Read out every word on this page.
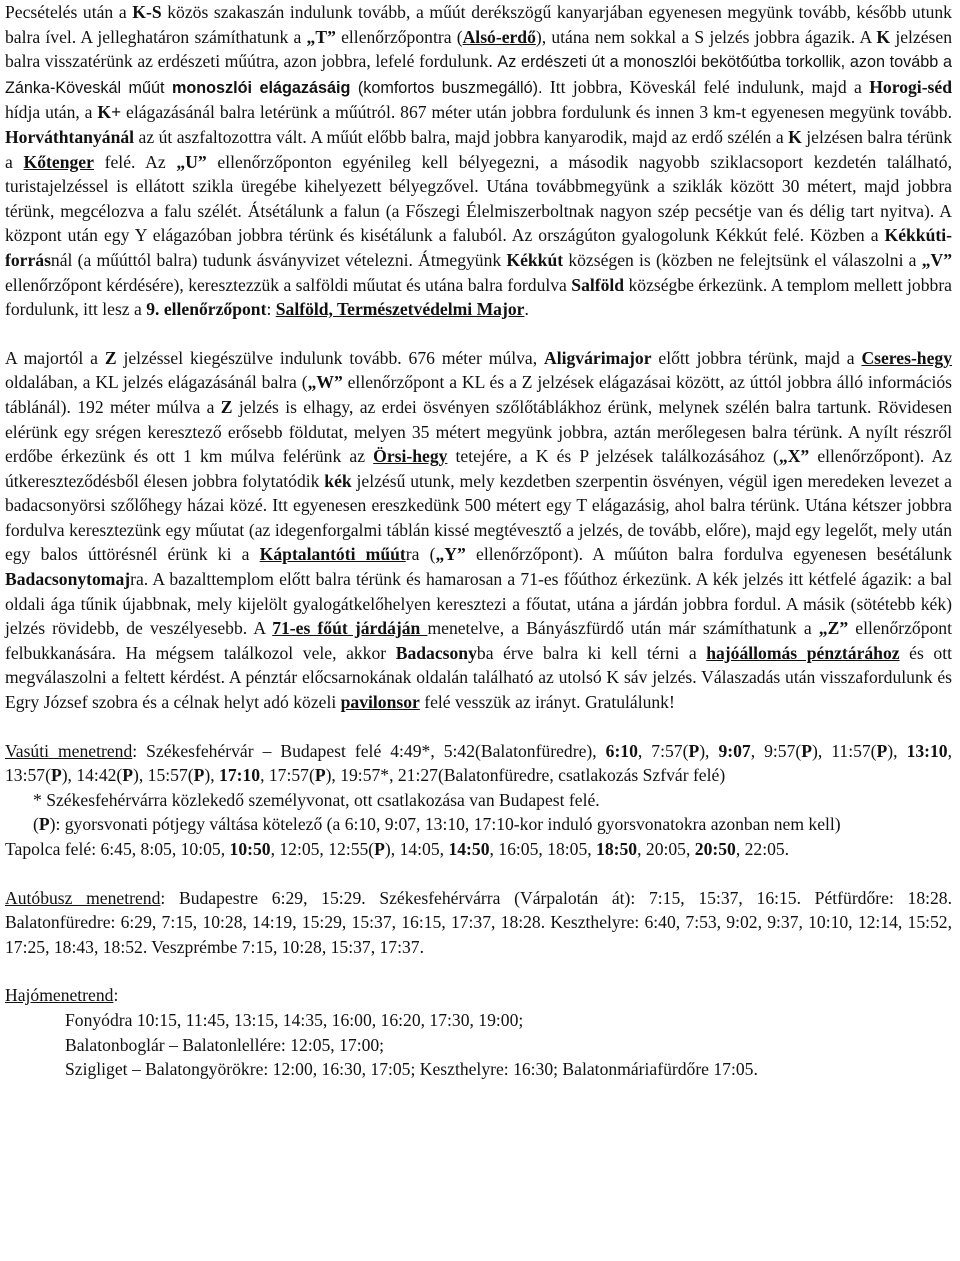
Pecsételés után a K-S közös szakaszán indulunk tovább, a műút derékszögű kanyarjában egyenesen megyünk tovább, később utunk balra ível. A jelleghatáron számíthatunk a „T” ellenőrzőpontra (Alsó-erdő), utána nem sokkal a S jelzés jobbra ágazik. A K jelzésen balra visszatérünk az erdészeti műútra, azon jobbra, lefelé fordulunk. Az erdészeti út a monoszlói bekötőútba torkollik, azon tovább a Zánka-Köveskál műút monoszlói elágazásáig (komfortos buszmegálló). Itt jobbra, Köveskál felé indulunk, majd a Horogi-séd hídja után, a K+ elágazásánál balra letérünk a műútról. 867 méter után jobbra fordulunk és innen 3 km-t egyenesen megyünk tovább. Horváthtanyánál az út aszfaltozottra vált. A műút előbb balra, majd jobbra kanyarodik, majd az erdő szélén a K jelzésen balra térünk a Kőtenger felé. Az „U” ellenőrzőponton egyénileg kell bélyegezni, a második nagyobb sziklacsoport kezdetén található, turistajelzéssel is ellátott szikla üregébe kihelyezett bélyegzővel. Utána továbbmegyünk a sziklák között 30 métert, majd jobbra térünk, megcélozva a falu szélét. Átsétálunk a falun (a Főszegi Élelmiszerboltnak nagyon szép pecsétje van és délig tart nyitva). A központ után egy Y elágazóban jobbra térünk és kisétálunk a faluból. Az országúton gyalogolunk Kékkút felé. Közben a Kékkúti-forrásnál (a műúttól balra) tudunk ásványvizet vételezni. Átmegyünk Kékkút községen is (közben ne felejtsünk el válaszolni a „V” ellenőrzőpont kérdésére), keresztezzük a salföldi műutat és utána balra fordulva Salföld községbe érkezünk. A templom mellett jobbra fordulunk, itt lesz a 9. ellenőrzőpont: Salföld, Természetvédelmi Major.

A majortól a Z jelzéssel kiegészülve indulunk tovább. 676 méter múlva, Aligvárimajor előtt jobbra térünk, majd a Cseres-hegy oldalában, a KL jelzés elágazásánál balra („W” ellenőrzőpont a KL és a Z jelzések elágazásai között, az úttól jobbra álló információs táblánál). 192 méter múlva a Z jelzés is elhagy, az erdei ösvényen szőlőtáblákhoz érünk, melynek szélén balra tartunk. Rövidesen elérünk egy srégen keresztező erősebb földutat, melyen 35 métert megyünk jobbra, aztán merőlegesen balra térünk. A nyílt részről erdőbe érkezünk és ott 1 km múlva felérünk az Örsi-hegy tetejére, a K és P jelzések találkozásához („X” ellenőrzőpont). Az útkereszteződésből élesen jobbra folytatódik kék jelzésű utunk, mely kezdetben szerpentin ösvényen, végül igen meredeken levezet a badacsonyörsi szőlőhegy házai közé. Itt egyenesen ereszkedünk 500 métert egy T elágazásig, ahol balra térünk. Utána kétszer jobbra fordulva keresztezünk egy műutat (az idegenforgalmi táblán kissé megtévesztő a jelzés, de tovább, előre), majd egy legelőt, mely után egy balos úttörésnél érünk ki a Káptalantóti műútra („Y” ellenőrzőpont). A műúton balra fordulva egyenesen besétálunk Badacsonytomajra. A bazalttemplom előtt balra térünk és hamarosan a 71-es főúthoz érkezünk. A kék jelzés itt kétfelé ágazik: a bal oldali ága tűnik újabbnak, mely kijelölt gyalogátkelőhelyen keresztezi a főutat, utána a járdán jobbra fordul. A másik (sötétebb kék) jelzés rövidebb, de veszélyesebb. A 71-es főút járdáján menetelve, a Bányászfürdő után már számíthatunk a „Z” ellenőrzőpont felbukkanására. Ha mégsem találkozol vele, akkor Badacsonyba érve balra ki kell térni a hajóállomás pénztárához és ott megválaszolni a feltett kérdést. A pénztár előcsarnokának oldalán található az utolsó K sáv jelzés. Válaszadás után visszafordulunk és Egry József szobra és a célnak helyt adó közeli pavilonsor felé vesszük az irányt. Gratulálunk!

Vasúti menetrend: Székesfehérvár – Budapest felé 4:49*, 5:42(Balatonfüredre), 6:10, 7:57(P), 9:07, 9:57(P), 11:57(P), 13:10, 13:57(P), 14:42(P), 15:57(P), 17:10, 17:57(P), 19:57*, 21:27(Balatonfüredre, csatlakozás Szfvár felé)

* Székesfehérvárra közlekedő személyvonat, ott csatlakozása van Budapest felé.

(P): gyorsvonati pótjegy váltása kötelező (a 6:10, 9:07, 13:10, 17:10-kor induló gyorsvonatokra azonban nem kell)

Tapolca felé: 6:45, 8:05, 10:05, 10:50, 12:05, 12:55(P), 14:05, 14:50, 16:05, 18:05, 18:50, 20:05, 20:50, 22:05.

Autóbusz menetrend: Budapestre 6:29, 15:29. Székesfehérvárra (Várpalotán át): 7:15, 15:37, 16:15. Pétfürdőre: 18:28. Balatonfüredre: 6:29, 7:15, 10:28, 14:19, 15:29, 15:37, 16:15, 17:37, 18:28. Keszthelyre: 6:40, 7:53, 9:02, 9:37, 10:10, 12:14, 15:52, 17:25, 18:43, 18:52. Veszprémbe 7:15, 10:28, 15:37, 17:37.

Hajómenetrend:

Fonyódra 10:15, 11:45, 13:15, 14:35, 16:00, 16:20, 17:30, 19:00;

Balatonboglár – Balatonlellére: 12:05, 17:00;

Szigliget – Balatongyörökre: 12:00, 16:30, 17:05; Keszthelyre: 16:30; Balatonmáriafürdőre 17:05.
